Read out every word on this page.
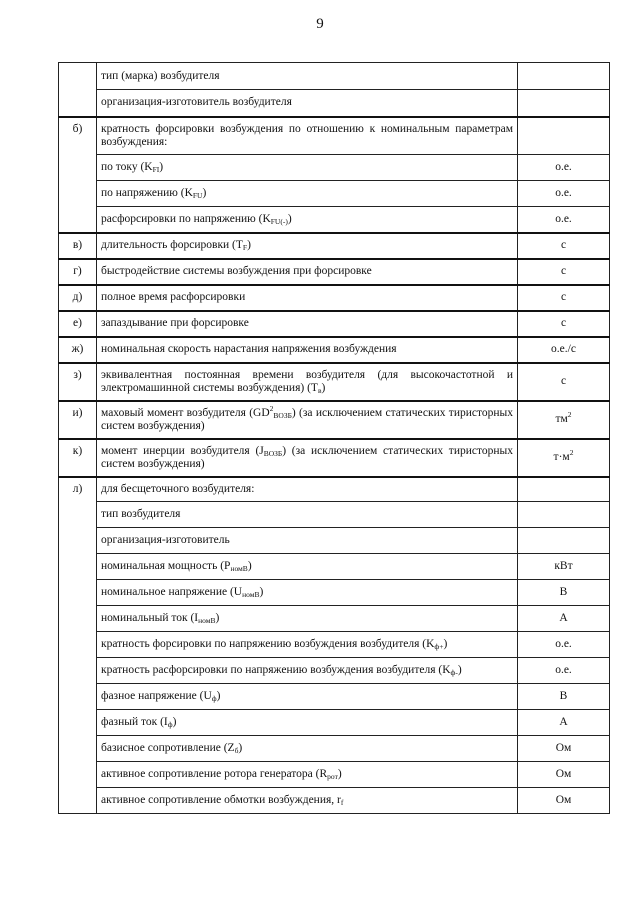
9
	тип (марка) возбудителя	
	организация-изготовитель возбудителя	
б)	кратность форсировки возбуждения по отношению к номинальным параметрам возбуждения:	
	по току $(K_{FI})$	о.е.
	по напряжению $(K_{FU})$	о.е.
	расфорсировки по напряжению $(K_{FU(-)})$	о.е.
в)	длительность форсировки $(T_F)$	с
г)	быстродействие системы возбуждения при форсировке	с
д)	полное время расфорсировки	с
е)	запаздывание при форсировке	с
ж)	номинальная скорость нарастания напряжения возбуждения	о.е./с
з)	эквивалентная постоянная времени возбудителя (для высокочастотной и электромашинной системы возбуждения) $(T_в)$	с
и)	маховый момент возбудителя $(GD^2_{ВОЗБ})$ (за исключением статических тиристорных систем возбуждения)	$тм^2$
к)	момент инерции возбудителя $(J_{ВОЗБ})$ (за исключением статических тиристорных систем возбуждения)	$т\cdot м^2$
л)	для бесщеточного возбудителя:	
	тип возбудителя	
	организация-изготовитель	
	номинальная мощность $(P_{номВ})$	кВт
	номинальное напряжение $(U_{номВ})$	В
	номинальный ток $(I_{номВ})$	А
	кратность форсировки по напряжению возбуждения возбудителя $(K_{ф+})$	о.е.
	кратность расфорсировки по напряжению возбуждения возбудителя $(K_{ф-})$	о.е.
	фазное напряжение $(U_ф)$	В
	фазный ток $(I_ф)$	А
	базисное сопротивление $(Z_б)$	Ом
	активное сопротивление ротора генератора $(R_{рот})$	Ом
	активное сопротивление обмотки возбуждения, $r_f$	Ом
